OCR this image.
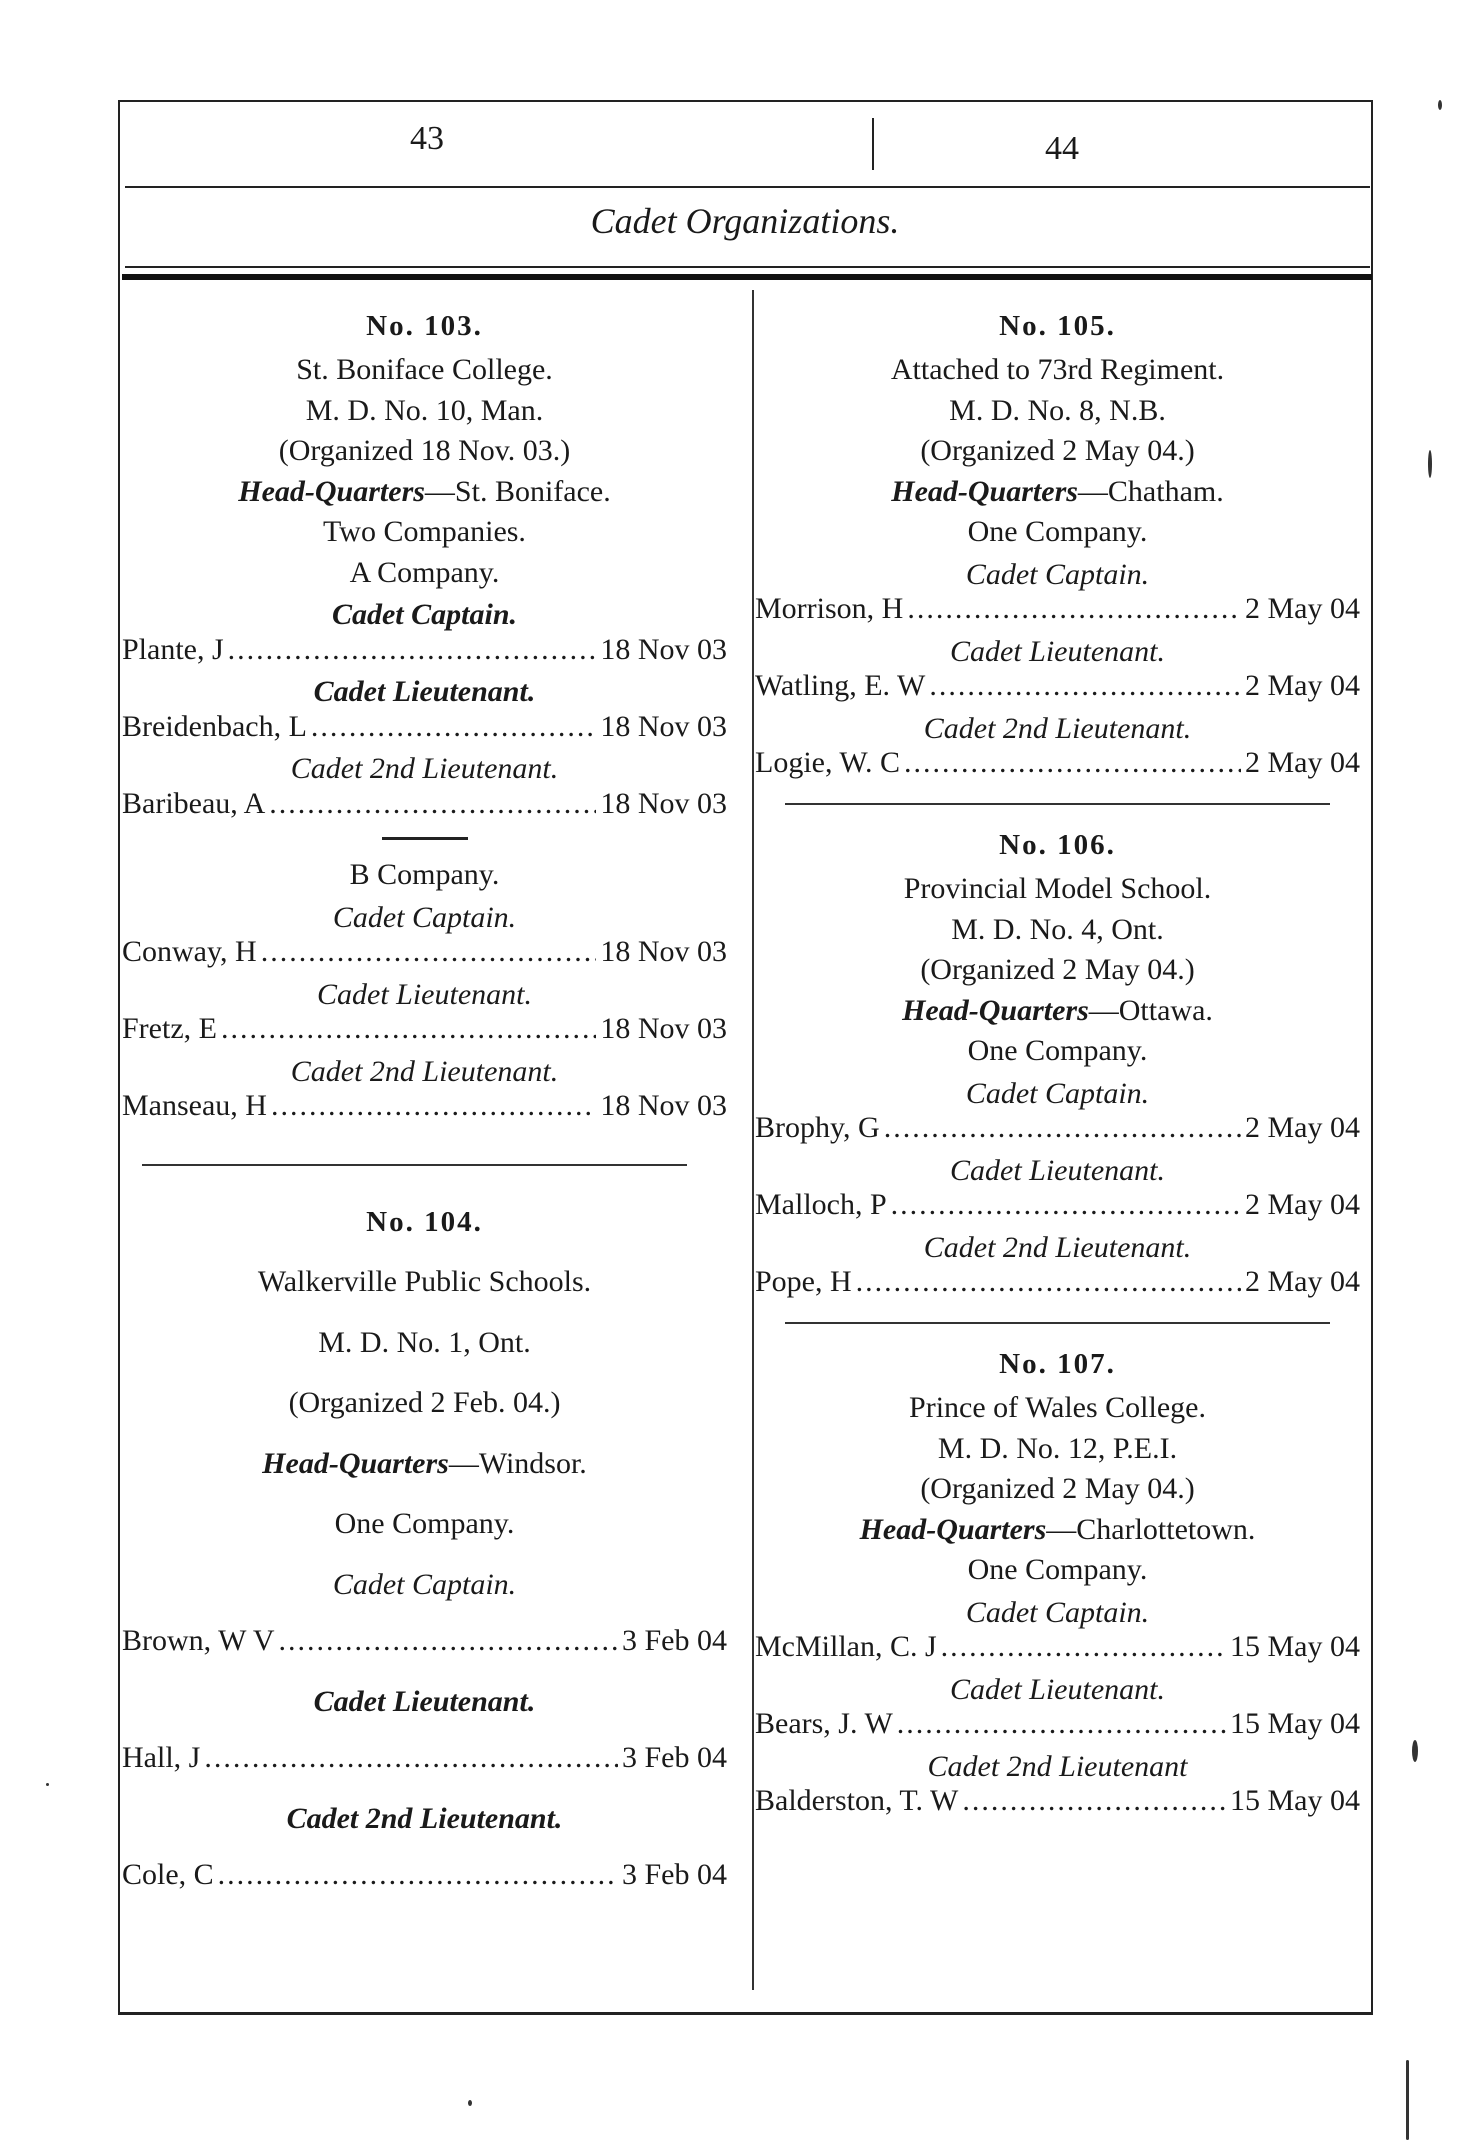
43	44
Cadet Organizations.
No. 103.
St. Boniface College.
M. D. No. 10, Man.
(Organized 18 Nov. 03.)
Head-Quarters—St. Boniface.
Two Companies.
A Company.
Cadet Captain.
Plante, J .....	18 Nov 03
Cadet Lieutenant.
Breidenbach, L .....	18 Nov 03
Cadet 2nd Lieutenant.
Baribeau, A .....	18 Nov 03
B Company.
Cadet Captain.
Conway, H .....	18 Nov 03
Cadet Lieutenant.
Fretz, E .....	18 Nov 03
Cadet 2nd Lieutenant.
Manseau, H .....	18 Nov 03
No. 104.
Walkerville Public Schools.
M. D. No. 1, Ont.
(Organized 2 Feb. 04.)
Head-Quarters—Windsor.
One Company.
Cadet Captain.
Brown, W V .....	3 Feb 04
Cadet Lieutenant.
Hall, J .....	3 Feb 04
Cadet 2nd Lieutenant.
Cole, C .....	3 Feb 04
No. 105.
Attached to 73rd Regiment.
M. D. No. 8, N.B.
(Organized 2 May 04.)
Head-Quarters—Chatham.
One Company.
Cadet Captain.
Morrison, H .....	2 May 04
Cadet Lieutenant.
Watling, E. W .....	2 May 04
Cadet 2nd Lieutenant.
Logie, W. C .....	2 May 04
No. 106.
Provincial Model School.
M. D. No. 4, Ont.
(Organized 2 May 04.)
Head-Quarters—Ottawa.
One Company.
Cadet Captain.
Brophy, G .....	2 May 04
Cadet Lieutenant.
Malloch, P .....	2 May 04
Cadet 2nd Lieutenant.
Pope, H .....	2 May 04
No. 107.
Prince of Wales College.
M. D. No. 12, P.E.I.
(Organized 2 May 04.)
Head-Quarters—Charlottetown.
One Company.
Cadet Captain.
McMillan, C. J .....	15 May 04
Cadet Lieutenant.
Bears, J. W .....	15 May 04
Cadet 2nd Lieutenant
Balderston, T. W .....	15 May 04
